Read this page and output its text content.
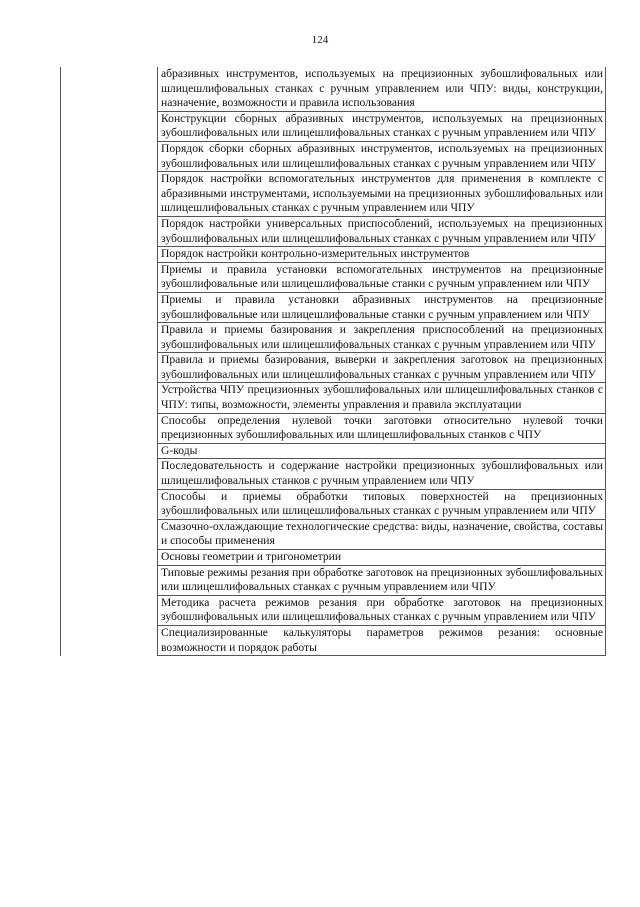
124
	абразивных инструментов, используемых на прецизионных зубошлифовальных или шлицешлифовальных станках с ручным управлением или ЧПУ: виды, конструкции, назначение, возможности и правила использования
Конструкции сборных абразивных инструментов, используемых на прецизионных зубошлифовальных или шлицешлифовальных станках с ручным управлением или ЧПУ
Порядок сборки сборных абразивных инструментов, используемых на прецизионных зубошлифовальных или шлицешлифовальных станках с ручным управлением или ЧПУ
Порядок настройки вспомогательных инструментов для применения в комплекте с абразивными инструментами, используемыми на прецизионных зубошлифовальных или шлицешлифовальных станках с ручным управлением или ЧПУ
Порядок настройки универсальных приспособлений, используемых на прецизионных зубошлифовальных или шлицешлифовальных станках с ручным управлением или ЧПУ
Порядок настройки контрольно-измерительных инструментов
Приемы и правила установки вспомогательных инструментов на прецизионные зубошлифовальные или шлицешлифовальные станки с ручным управлением или ЧПУ
Приемы и правила установки абразивных инструментов на прецизионные зубошлифовальные или шлицешлифовальные станки с ручным управлением или ЧПУ
Правила и приемы базирования и закрепления приспособлений на прецизионных зубошлифовальных или шлицешлифовальных станках с ручным управлением или ЧПУ
Правила и приемы базирования, выверки и закрепления заготовок на прецизионных зубошлифовальных или шлицешлифовальных станках с ручным управлением или ЧПУ
Устройства ЧПУ прецизионных зубошлифовальных или шлицешлифовальных станков с ЧПУ: типы, возможности, элементы управления и правила эксплуатации
Способы определения нулевой точки заготовки относительно нулевой точки прецизионных зубошлифовальных или шлицешлифовальных станков с ЧПУ
G-коды
Последовательность и содержание настройки прецизионных зубошлифовальных или шлицешлифовальных станков с ручным управлением или ЧПУ
Способы и приемы обработки типовых поверхностей на прецизионных зубошлифовальных или шлицешлифовальных станках с ручным управлением или ЧПУ
Смазочно-охлаждающие технологические средства: виды, назначение, свойства, составы и способы применения
Основы геометрии и тригонометрии
Типовые режимы резания при обработке заготовок на прецизионных зубошлифовальных или шлицешлифовальных станках с ручным управлением или ЧПУ
Методика расчета режимов резания при обработке заготовок на прецизионных зубошлифовальных или шлицешлифовальных станках с ручным управлением или ЧПУ
Специализированные калькуляторы параметров режимов резания: основные возможности и порядок работы
